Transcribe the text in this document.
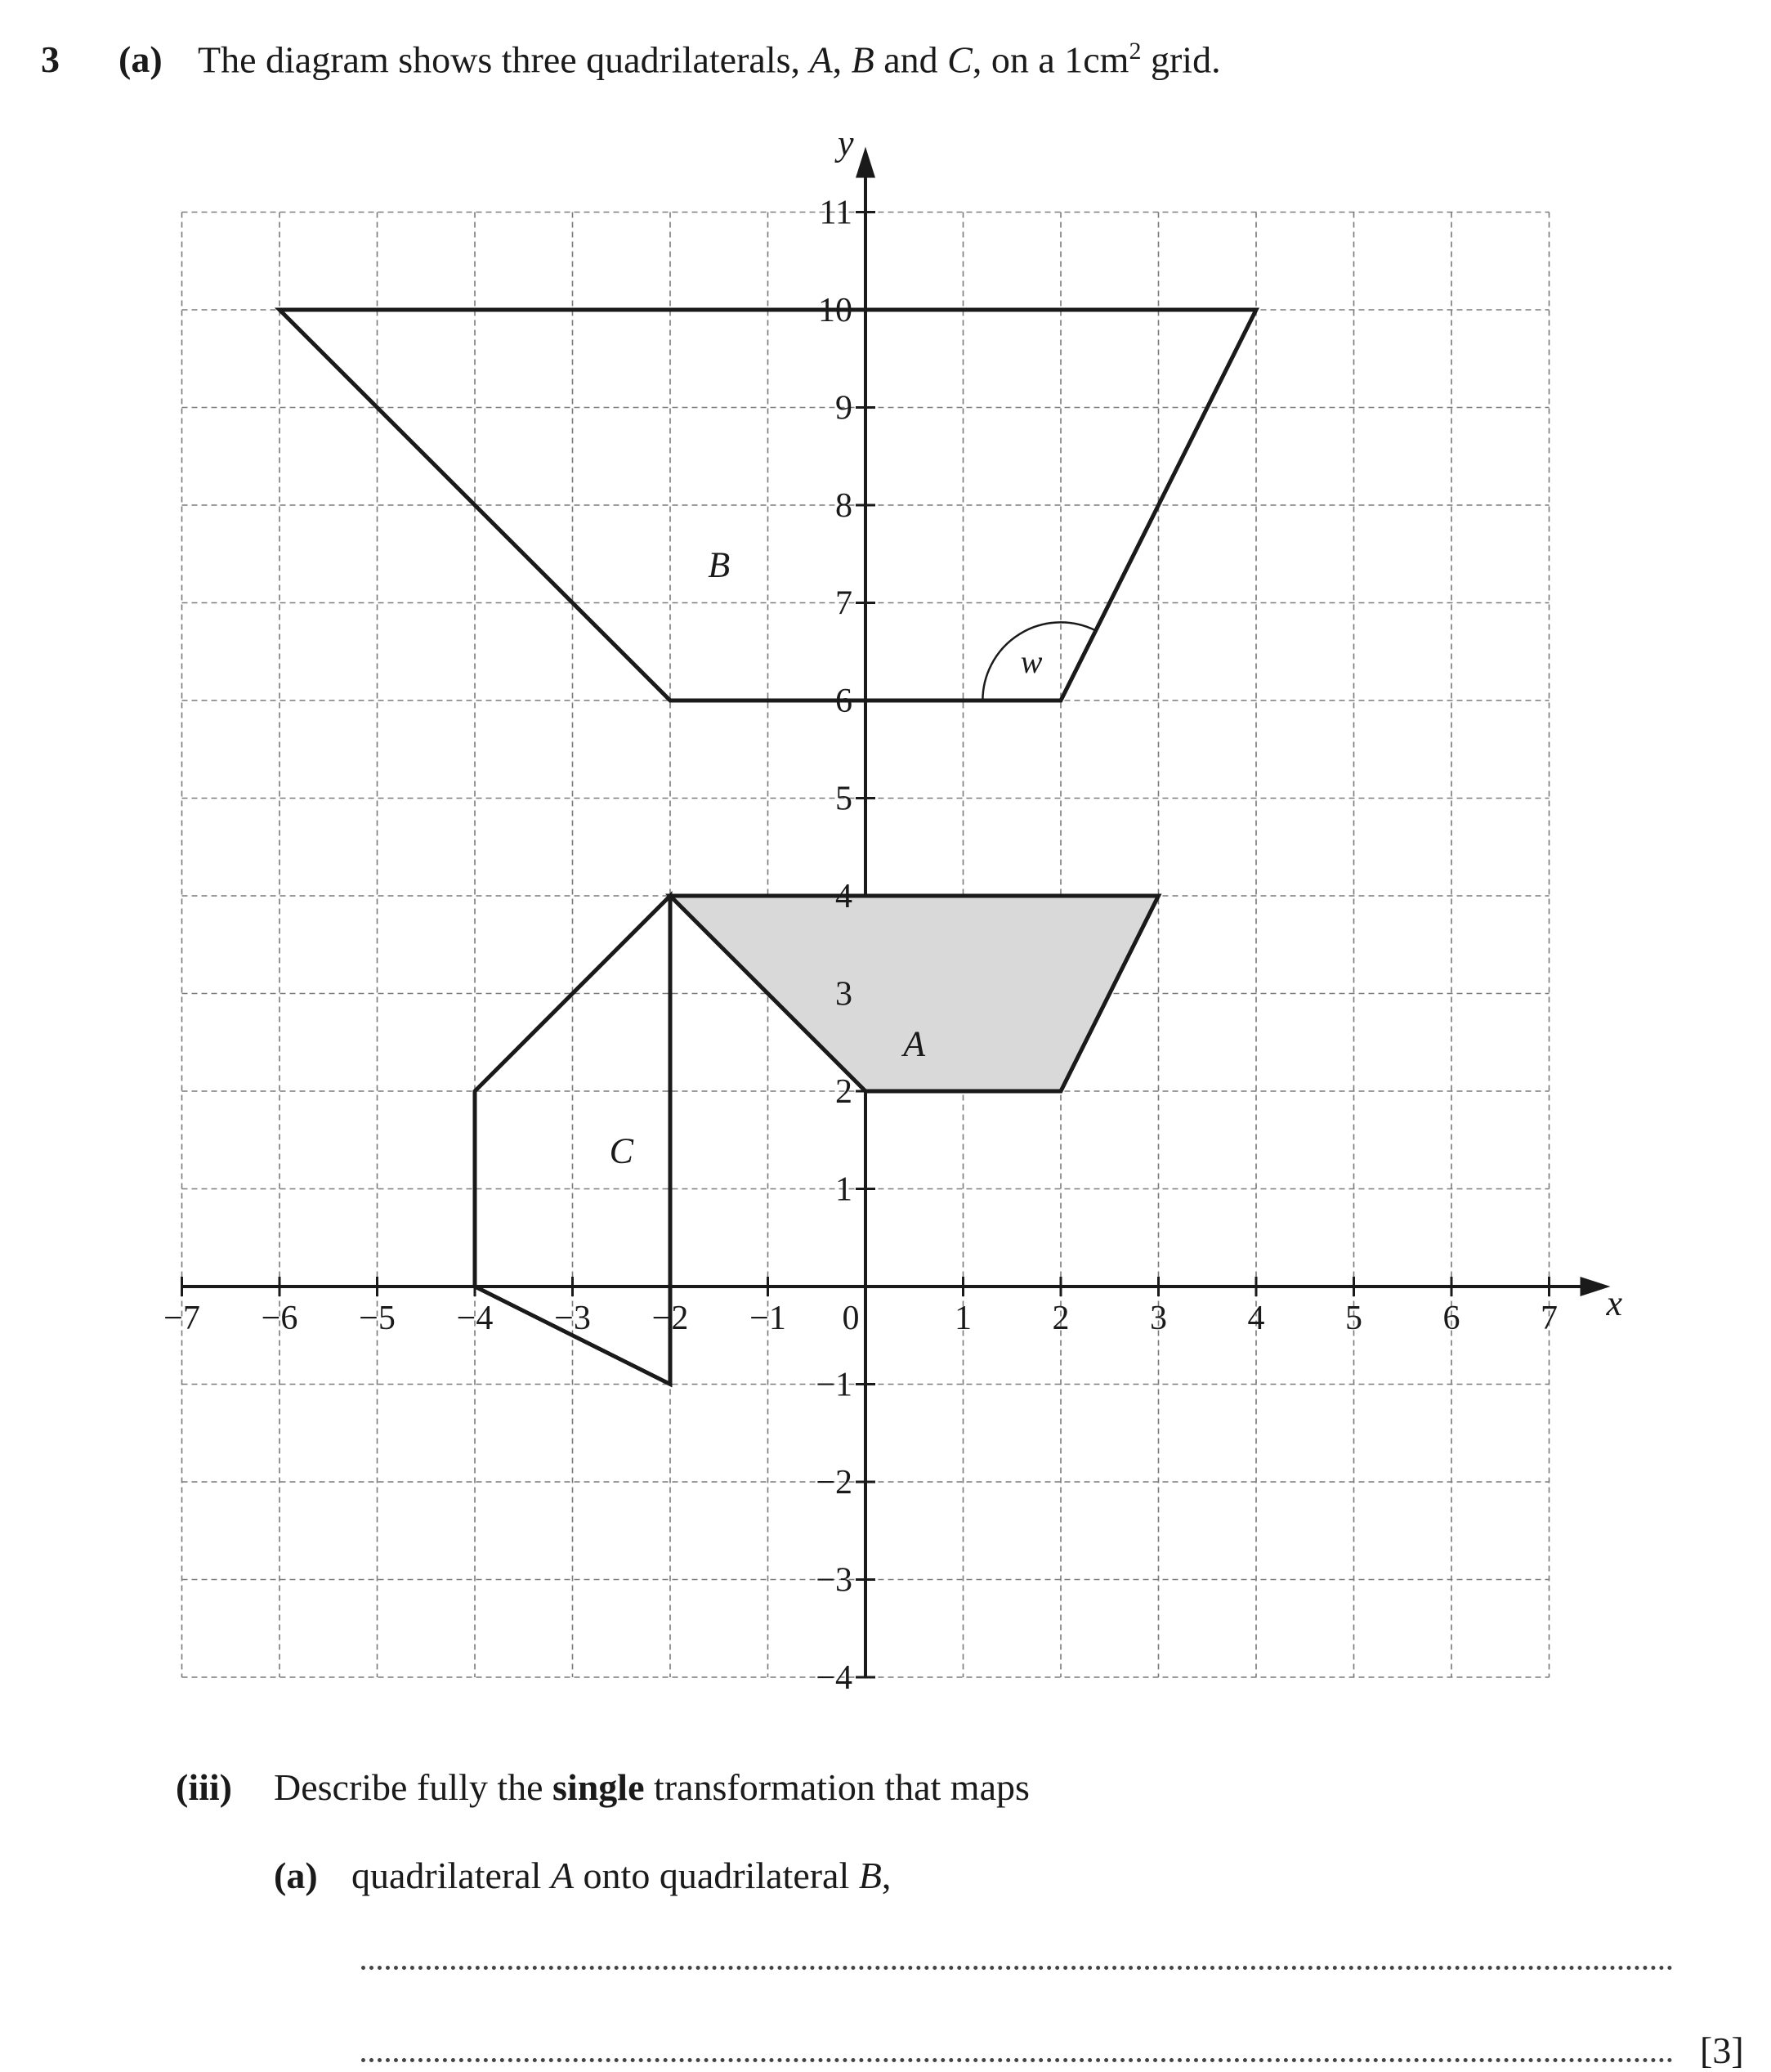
3 (a) The diagram shows three quadrilaterals, A, B and C, on a $1cm^2$ grid.
A
B
C
w
−7 −6 −5 −4 −3 −2 −1 0	1 2 3 4 5 6 7
11
10
9
8
7
6
5
4
3
2
1
−1
−2
−3
−4
x
y
(iii) Describe fully the single transformation that maps
(a) quadrilateral A onto quadrilateral B,
[3]
